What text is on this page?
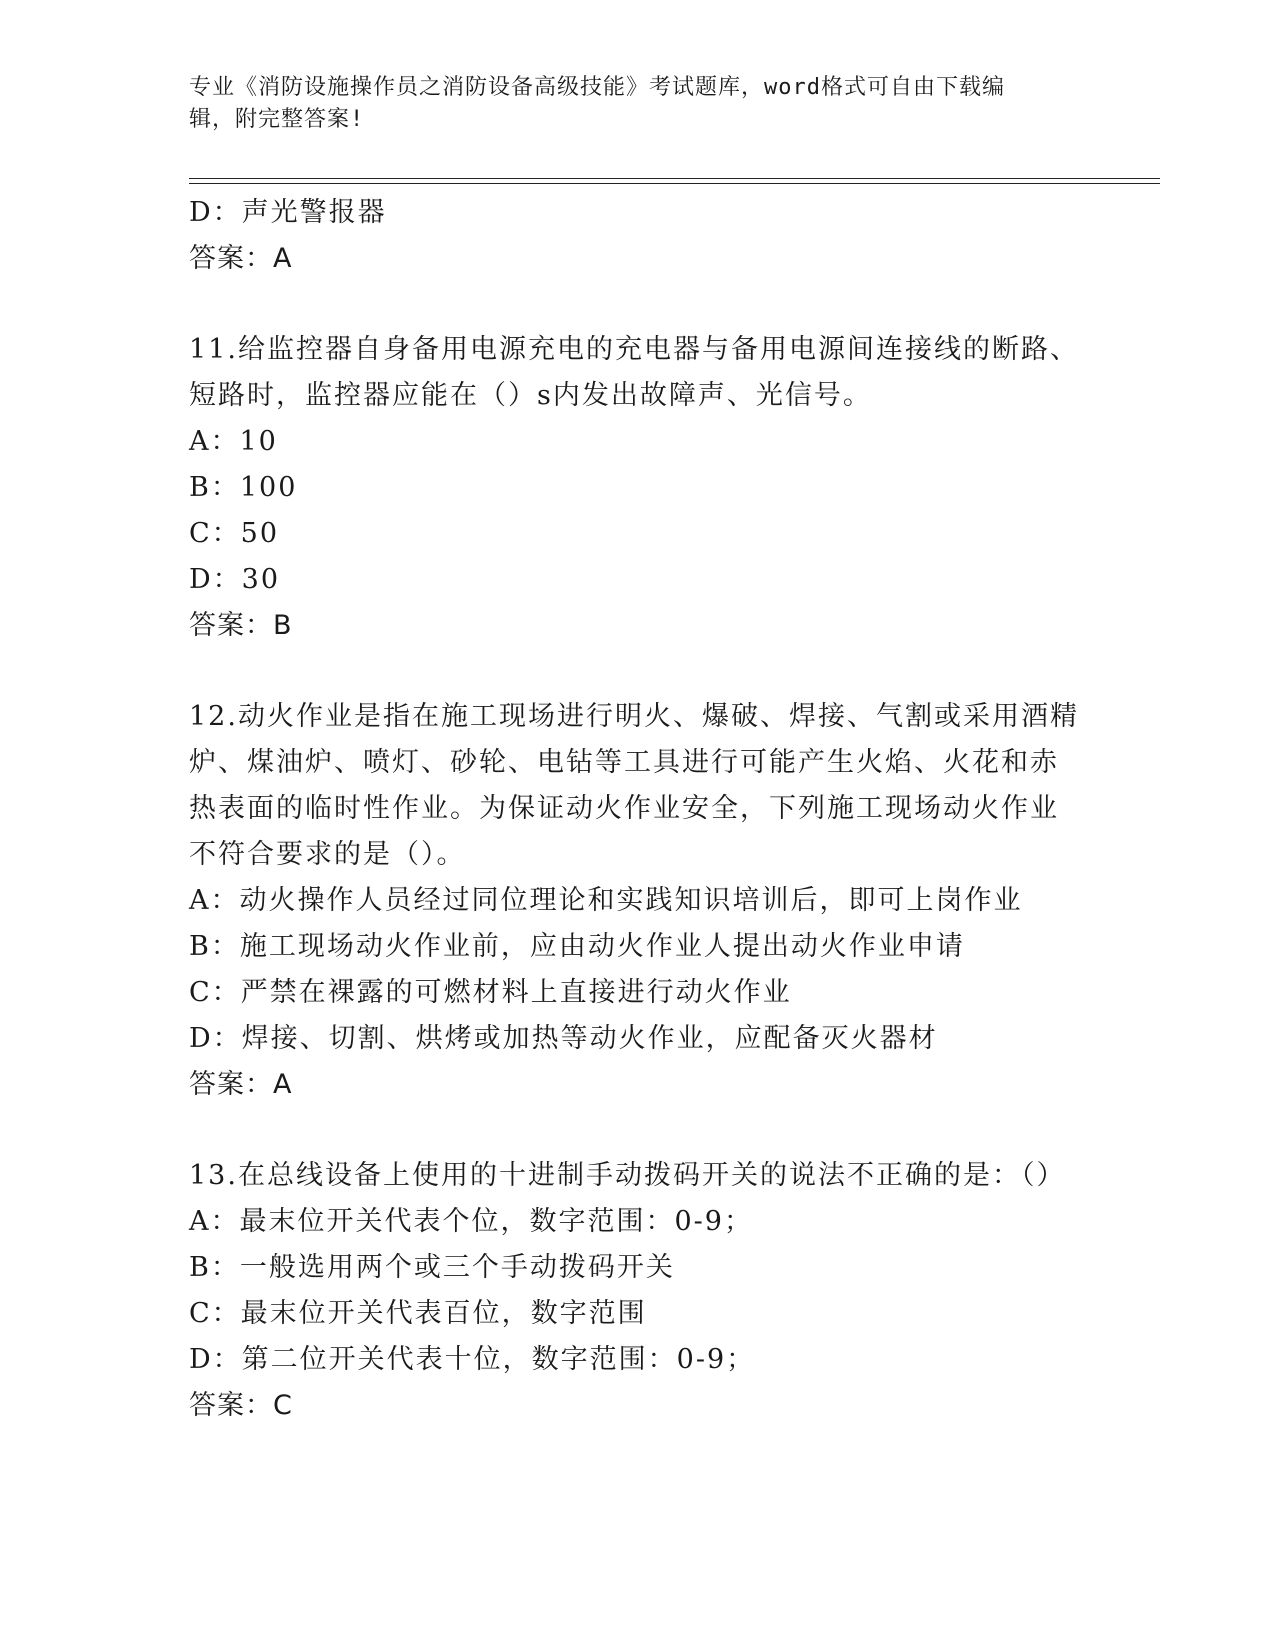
专业《消防设施操作员之消防设备高级技能》考试题库，word格式可自由下载编
辑，附完整答案!
D：声光警报器
答案：A
11.给监控器自身备用电源充电的充电器与备用电源间连接线的断路、
短路时，监控器应能在（）s内发出故障声、光信号。
A：10
B：100
C：50
D：30
答案：B
12.动火作业是指在施工现场进行明火、爆破、焊接、气割或采用酒精
炉、煤油炉、喷灯、砂轮、电钻等工具进行可能产生火焰、火花和赤
热表面的临时性作业。为保证动火作业安全，下列施工现场动火作业
不符合要求的是（）。
A：动火操作人员经过同位理论和实践知识培训后，即可上岗作业
B：施工现场动火作业前，应由动火作业人提出动火作业申请
C：严禁在裸露的可燃材料上直接进行动火作业
D：焊接、切割、烘烤或加热等动火作业，应配备灭火器材
答案：A
13.在总线设备上使用的十进制手动拨码开关的说法不正确的是：（）
A：最末位开关代表个位，数字范围：0-9；
B：一般选用两个或三个手动拨码开关
C：最末位开关代表百位，数字范围
D：第二位开关代表十位，数字范围：0-9；
答案：C
